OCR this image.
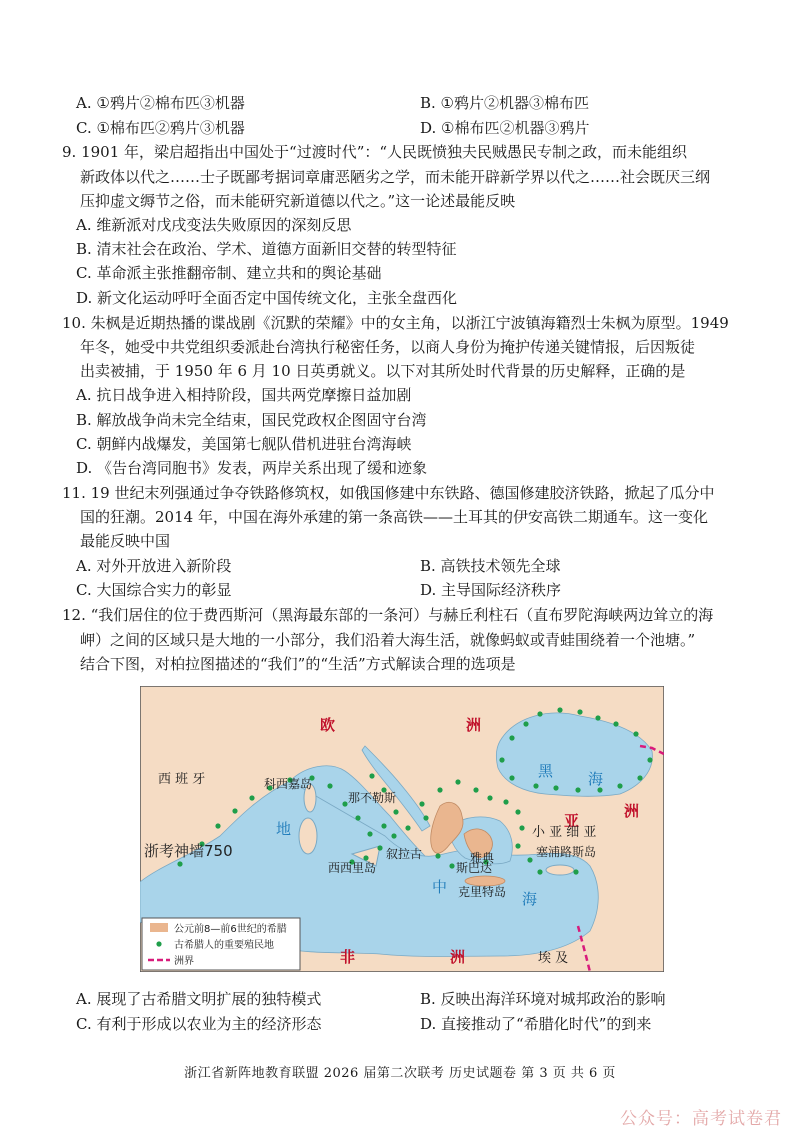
A. ①鸦片②棉布匹③机器	B. ①鸦片②机器③棉布匹
C. ①棉布匹②鸦片③机器	D. ①棉布匹②机器③鸦片
9. 1901 年，梁启超指出中国处于“过渡时代”：“人民既愤独夫民贼愚民专制之政，而未能组织
新政体以代之……士子既鄙考据词章庸恶陋劣之学，而未能开辟新学界以代之……社会既厌三纲
压抑虚文缛节之俗，而未能研究新道德以代之。”这一论述最能反映
A. 维新派对戊戌变法失败原因的深刻反思
B. 清末社会在政治、学术、道德方面新旧交替的转型特征
C. 革命派主张推翻帝制、建立共和的舆论基础
D. 新文化运动呼吁全面否定中国传统文化，主张全盘西化
10. 朱枫是近期热播的谍战剧《沉默的荣耀》中的女主角，以浙江宁波镇海籍烈士朱枫为原型。1949
年冬，她受中共党组织委派赴台湾执行秘密任务，以商人身份为掩护传递关键情报，后因叛徒
出卖被捕，于 1950 年 6 月 10 日英勇就义。以下对其所处时代背景的历史解释，正确的是
A. 抗日战争进入相持阶段，国共两党摩擦日益加剧
B. 解放战争尚未完全结束，国民党政权企图固守台湾
C. 朝鲜内战爆发，美国第七舰队借机进驻台湾海峡
D. 《告台湾同胞书》发表，两岸关系出现了缓和迹象
11. 19 世纪末列强通过争夺铁路修筑权，如俄国修建中东铁路、德国修建胶济铁路，掀起了瓜分中
国的狂潮。2014 年，中国在海外承建的第一条高铁——土耳其的伊安高铁二期通车。这一变化
最能反映中国
A. 对外开放进入新阶段	B. 高铁技术领先全球
C. 大国综合实力的彰显	D. 主导国际经济秩序
12. “我们居住的位于费西斯河（黑海最东部的一条河）与赫丘利柱石（直布罗陀海峡两边耸立的海
岬）之间的区域只是大地的一小部分，我们沿着大海生活，就像蚂蚁或青蛙围绕着一个池塘。”
结合下图，对柏拉图描述的“我们”的“生活”方式解读合理的选项是
欧	洲
亚
洲
非	洲
地
中
海
黑 海
西 班 牙	科西嘉岛
那不勒斯
西西里岛
叙拉古	雅典
斯巴达
克里特岛
塞浦路斯岛
小 亚 细 亚
埃 及
浙考神墙750
公元前8—前6世纪的希腊
古希腊人的重要殖民地
洲界
A. 展现了古希腊文明扩展的独特模式	B. 反映出海洋环境对城邦政治的影响
C. 有利于形成以农业为主的经济形态	D. 直接推动了“希腊化时代”的到来
浙江省新阵地教育联盟 2026 届第二次联考 历史试题卷 第 3 页 共 6 页
公众号：高考试卷君
